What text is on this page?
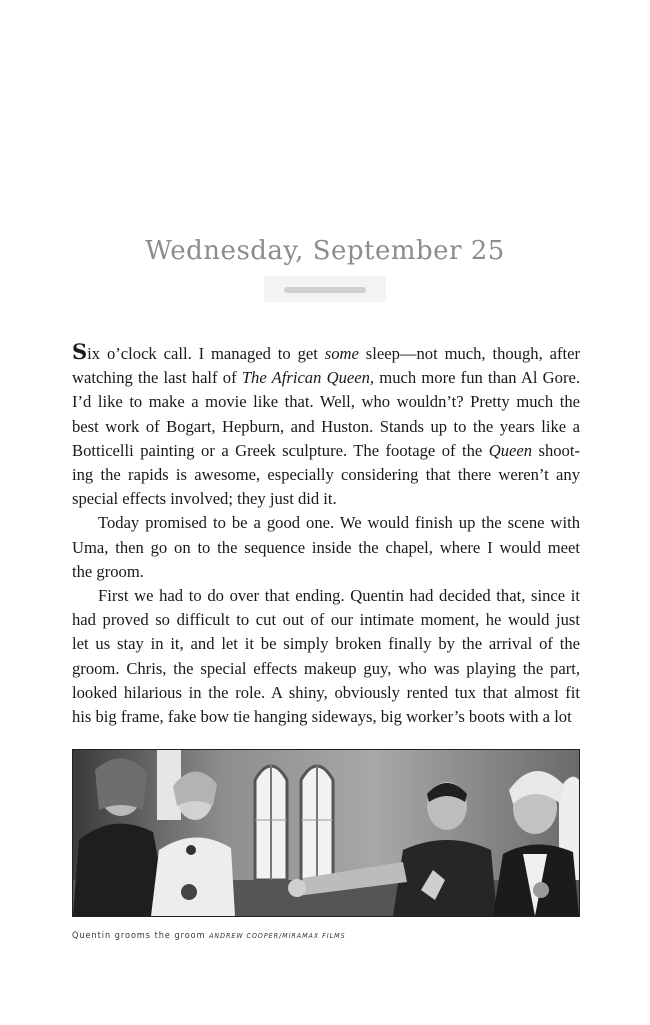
Wednesday, September 25
Six o’clock call. I managed to get some sleep—not much, though, after
watching the last half of The African Queen, much more fun than Al Gore.
I’d like to make a movie like that. Well, who wouldn’t? Pretty much the
best work of Bogart, Hepburn, and Huston. Stands up to the years like a
Botticelli painting or a Greek sculpture. The footage of the Queen shoot-
ing the rapids is awesome, especially considering that there weren’t any
special effects involved; they just did it.
Today promised to be a good one. We would finish up the scene with
Uma, then go on to the sequence inside the chapel, where I would meet
the groom.
First we had to do over that ending. Quentin had decided that, since it
had proved so difficult to cut out of our intimate moment, he would just
let us stay in it, and let it be simply broken finally by the arrival of the
groom. Chris, the special effects makeup guy, who was playing the part,
looked hilarious in the role. A shiny, obviously rented tux that almost fit
his big frame, fake bow tie hanging sideways, big worker’s boots with a lot
Quentin grooms the groom ANDREW COOPER/MIRAMAX FILMS
